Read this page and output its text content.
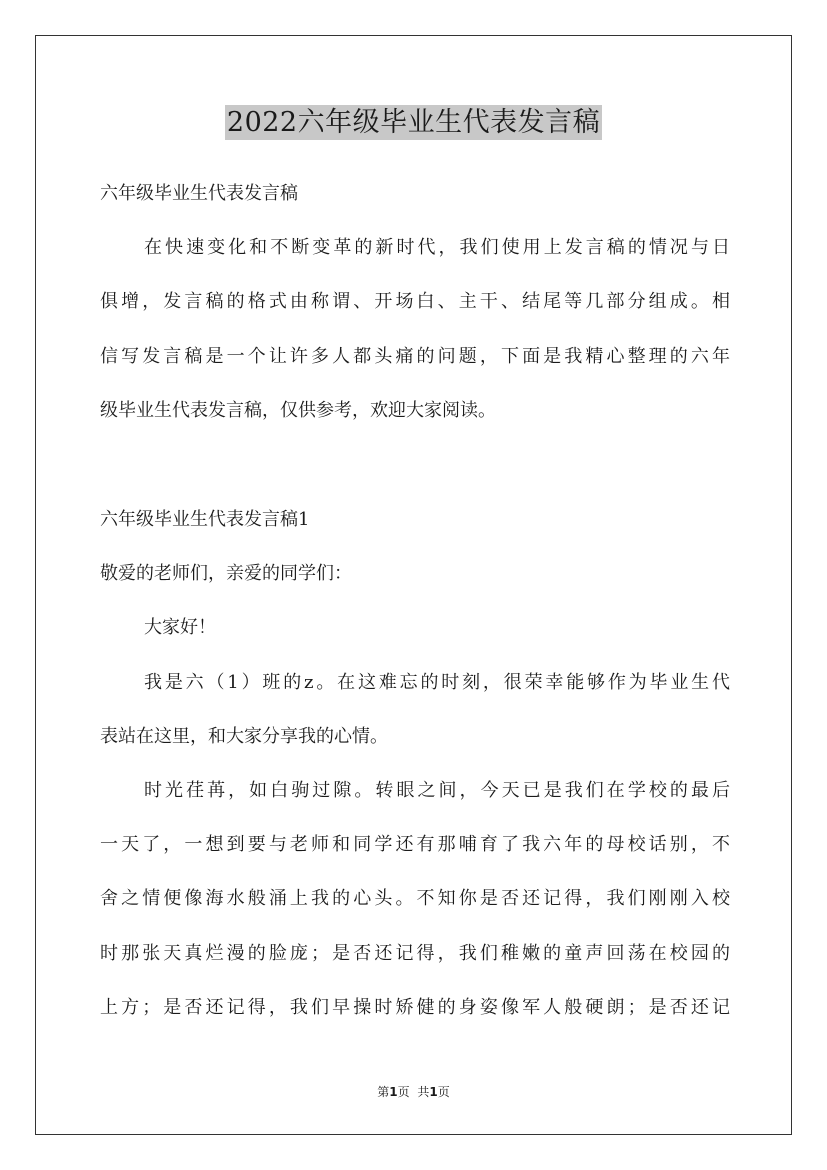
2022六年级毕业生代表发言稿
六年级毕业生代表发言稿
在快速变化和不断变革的新时代，我们使用上发言稿的情况与日
俱增，发言稿的格式由称谓、开场白、主干、结尾等几部分组成。相
信写发言稿是一个让许多人都头痛的问题，下面是我精心整理的六年
级毕业生代表发言稿，仅供参考，欢迎大家阅读。
六年级毕业生代表发言稿1
敬爱的老师们，亲爱的同学们：
大家好！
我是六（1）班的z。在这难忘的时刻，很荣幸能够作为毕业生代
表站在这里，和大家分享我的心情。
时光荏苒，如白驹过隙。转眼之间，今天已是我们在学校的最后
一天了，一想到要与老师和同学还有那哺育了我六年的母校话别，不
舍之情便像海水般涌上我的心头。不知你是否还记得，我们刚刚入校
时那张天真烂漫的脸庞；是否还记得，我们稚嫩的童声回荡在校园的
上方；是否还记得，我们早操时矫健的身姿像军人般硬朗；是否还记
第1页 共1页
